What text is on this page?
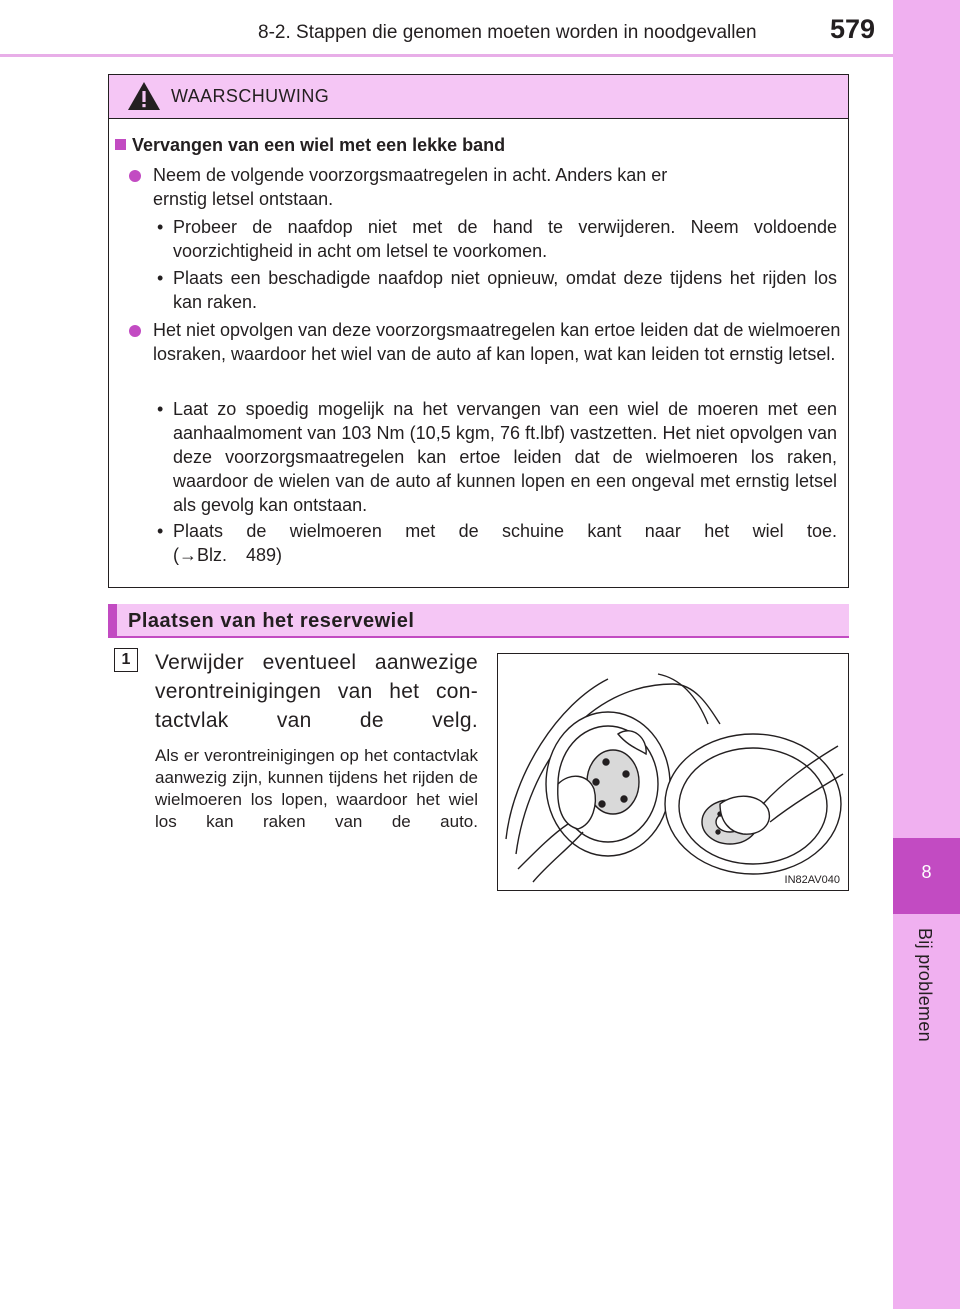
8-2. Stappen die genomen moeten worden in noodgevallen	579
8
Bij problemen
WAARSCHUWING
Vervangen van een wiel met een lekke band
Neem de volgende voorzorgsmaatregelen in acht. Anders kan er ernstig letsel ontstaan.
• Probeer de naafdop niet met de hand te verwijderen. Neem voldoende voorzichtigheid in acht om letsel te voorkomen.
• Plaats een beschadigde naafdop niet opnieuw, omdat deze tijdens het rijden los kan raken.
Het niet opvolgen van deze voorzorgsmaatregelen kan ertoe leiden dat de wielmoeren losraken, waardoor het wiel van de auto af kan lopen, wat kan leiden tot ernstig letsel.
• Laat zo spoedig mogelijk na het vervangen van een wiel de moeren met een aanhaalmoment van 103 Nm (10,5 kgm, 76 ft.lbf) vastzetten. Het niet opvolgen van deze voorzorgsmaatregelen kan ertoe leiden dat de wielmoeren los raken, waardoor de wielen van de auto af kunnen lopen en een ongeval met ernstig letsel als gevolg kan ontstaan.
• Plaats de wielmoeren met de schuine kant naar het wiel toe. (→Blz. 489)
Plaatsen van het reservewiel
1	Verwijder eventueel aanwezige verontreinigingen van het con-tactvlak van de velg.
Als er verontreinigingen op het contactvlak aanwezig zijn, kunnen tijdens het rijden de wielmoeren los lopen, waardoor het wiel los kan raken van de auto.
IN82AV040
